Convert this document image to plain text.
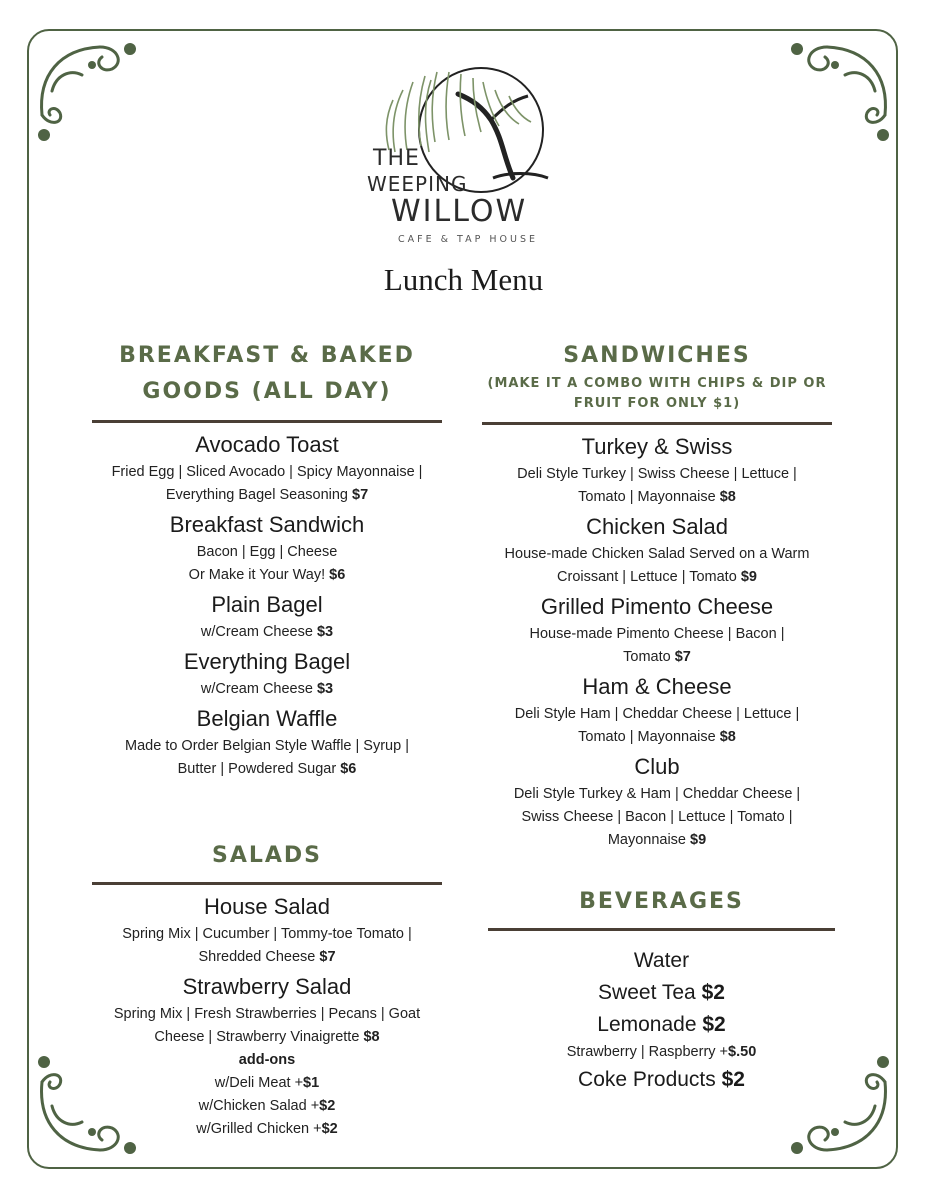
THE
WEEPING
WILLOW
CAFE & TAP HOUSE
Lunch Menu
BREAKFAST & BAKED
GOODS (ALL DAY)
Avocado Toast
Fried Egg | Sliced Avocado | Spicy Mayonnaise |
Everything Bagel Seasoning $7
Breakfast Sandwich
Bacon | Egg | Cheese
Or Make it Your Way! $6
Plain Bagel
w/Cream Cheese $3
Everything Bagel
w/Cream Cheese $3
Belgian Waffle
Made to Order Belgian Style Waffle | Syrup |
Butter | Powdered Sugar $6
SALADS
House Salad
Spring Mix | Cucumber | Tommy-toe Tomato |
Shredded Cheese $7
Strawberry Salad
Spring Mix | Fresh Strawberries | Pecans | Goat
Cheese | Strawberry Vinaigrette $8
add-ons
w/Deli Meat +$1
w/Chicken Salad +$2
w/Grilled Chicken +$2
SANDWICHES
(MAKE IT A COMBO WITH CHIPS & DIP OR
FRUIT FOR ONLY $1)
Turkey & Swiss
Deli Style Turkey | Swiss Cheese | Lettuce |
Tomato | Mayonnaise $8
Chicken Salad
House-made Chicken Salad Served on a Warm
Croissant | Lettuce | Tomato $9
Grilled Pimento Cheese
House-made Pimento Cheese | Bacon |
Tomato $7
Ham & Cheese
Deli Style Ham | Cheddar Cheese | Lettuce |
Tomato | Mayonnaise $8
Club
Deli Style Turkey & Ham | Cheddar Cheese |
Swiss Cheese | Bacon | Lettuce | Tomato |
Mayonnaise $9
BEVERAGES
Water
Sweet Tea $2
Lemonade $2
Strawberry | Raspberry +$.50
Coke Products $2
